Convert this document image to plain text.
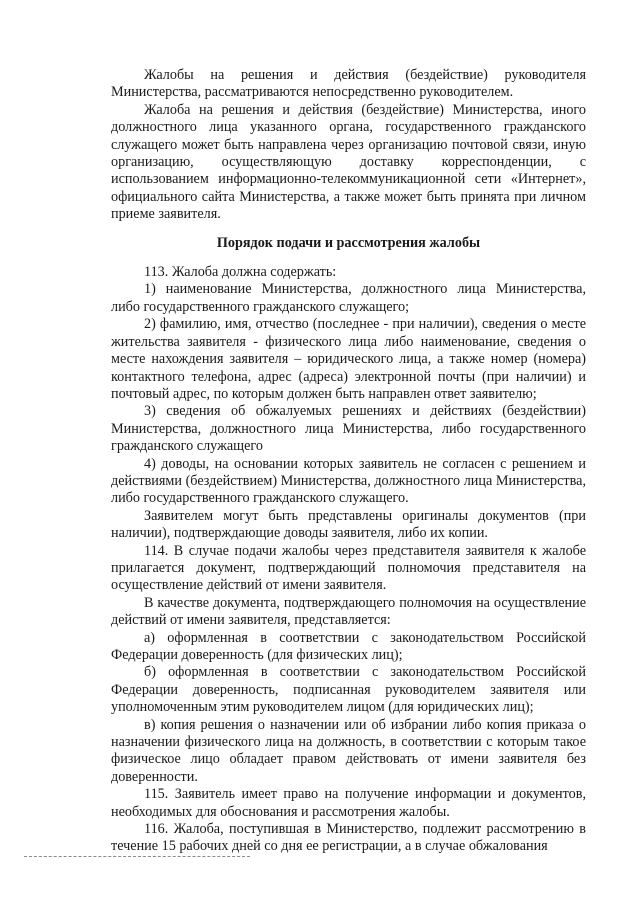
Жалобы на решения и действия (бездействие) руководителя Министерства, рассматриваются непосредственно руководителем.

Жалоба на решения и действия (бездействие) Министерства, иного должностного лица указанного органа, государственного гражданского служащего может быть направлена через организацию почтовой связи, иную организацию, осуществляющую доставку корреспонденции, с использованием информационно-телекоммуникационной сети «Интернет», официального сайта Министерства, а также может быть принята при личном приеме заявителя.

Порядок подачи и рассмотрения жалобы

113. Жалоба должна содержать:

1) наименование Министерства, должностного лица Министерства, либо государственного гражданского служащего;

2) фамилию, имя, отчество (последнее - при наличии), сведения о месте жительства заявителя - физического лица либо наименование, сведения о месте нахождения заявителя – юридического лица, а также номер (номера) контактного телефона, адрес (адреса) электронной почты (при наличии) и почтовый адрес, по которым должен быть направлен ответ заявителю;

3) сведения об обжалуемых решениях и действиях (бездействии) Министерства, должностного лица Министерства, либо государственного гражданского служащего

4) доводы, на основании которых заявитель не согласен с решением и действиями (бездействием) Министерства, должностного лица Министерства, либо государственного гражданского служащего.

Заявителем могут быть представлены оригиналы документов (при наличии), подтверждающие доводы заявителя, либо их копии.

114. В случае подачи жалобы через представителя заявителя к жалобе прилагается документ, подтверждающий полномочия представителя на осуществление действий от имени заявителя.

В качестве документа, подтверждающего полномочия на осуществление действий от имени заявителя, представляется:

а) оформленная в соответствии с законодательством Российской Федерации доверенность (для физических лиц);

б) оформленная в соответствии с законодательством Российской Федерации доверенность, подписанная руководителем заявителя или уполномоченным этим руководителем лицом (для юридических лиц);

в) копия решения о назначении или об избрании либо копия приказа о назначении физического лица на должность, в соответствии с которым такое физическое лицо обладает правом действовать от имени заявителя без доверенности.

115. Заявитель имеет право на получение информации и документов, необходимых для обоснования и рассмотрения жалобы.

116. Жалоба, поступившая в Министерство, подлежит рассмотрению в течение 15 рабочих дней со дня ее регистрации, а в случае обжалования
